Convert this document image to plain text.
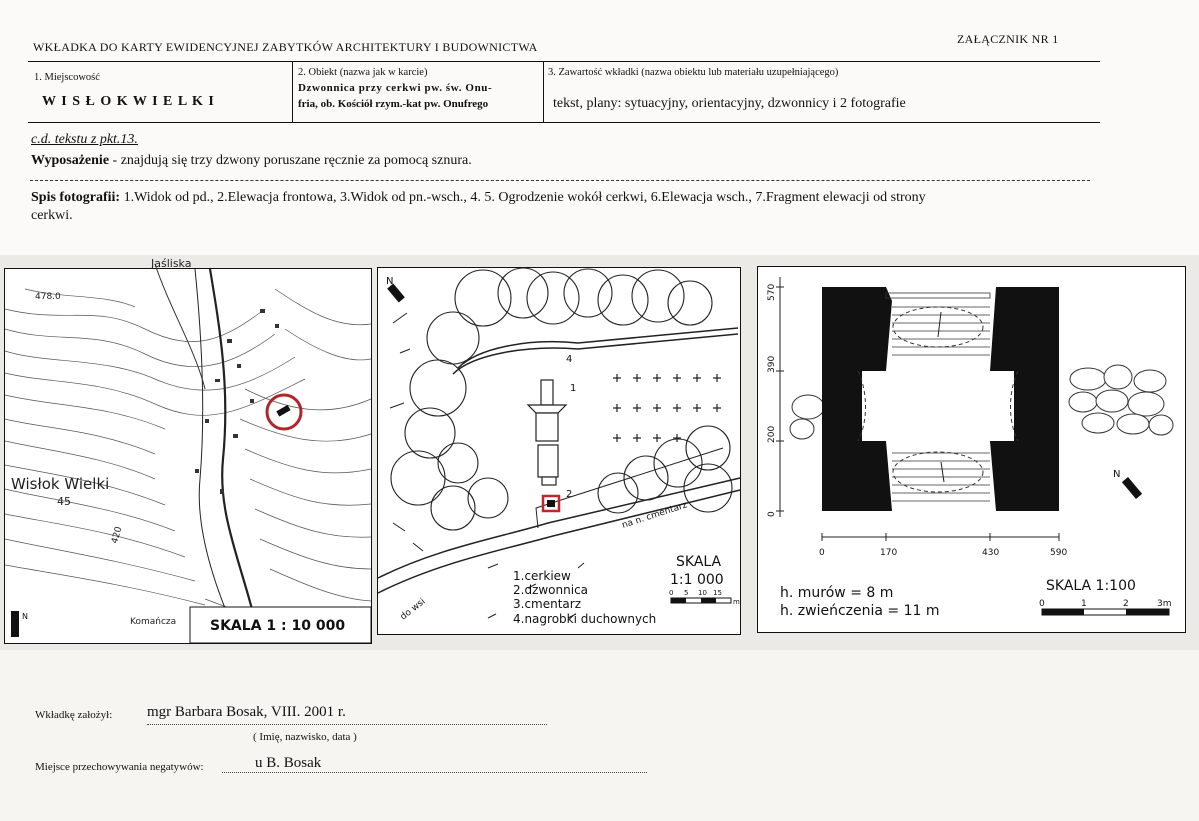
WKŁADKA DO KARTY EWIDENCYJNEJ ZABYTKÓW ARCHITEKTURY I BUDOWNICTWA
ZAŁĄCZNIK NR 1
1. Miejscowość
W I S Ł O K W I E L K I
2. Obiekt (nazwa jak w karcie)
Dzwonnica przy cerkwi pw. św. Onu-
fria, ob. Kościół rzym.-kat pw. Onufrego
3. Zawartość wkładki (nazwa obiektu lub materiału uzupełniającego)
tekst, plany: sytuacyjny, orientacyjny, dzwonnicy i 2 fotografie
c.d. tekstu z pkt.13.
Wyposażenie - znajdują się trzy dzwony poruszane ręcznie za pomocą sznura.
Spis fotografii: 1.Widok od pd., 2.Elewacja frontowa, 3.Widok od pn.-wsch., 4. 5. Ogrodzenie wokół cerkwi, 6.Elewacja wsch., 7.Fragment elewacji od strony
cerkwi.
Jaśliska
478.0
Wisłok Wielki
45
420
Komańcza
N
SKALA 1 : 10 000
N
1
2
4
na n. cmentarz
do wsi
1.cerkiew
2.dzwonnica
3.cmentarz
4.nagrobki duchownych
SKALA
1:1 000
0 5 10 15
m
570
390
200
0
0	170	430	590
N
h. murów = 8 m
h. zwieńczenia = 11 m
SKALA 1:100
0	1	2	3m
Wkładkę założył: mgr Barbara Bosak, VIII. 2001 r.
( Imię, nazwisko, data )
Miejsce przechowywania negatywów:	u B. Bosak
